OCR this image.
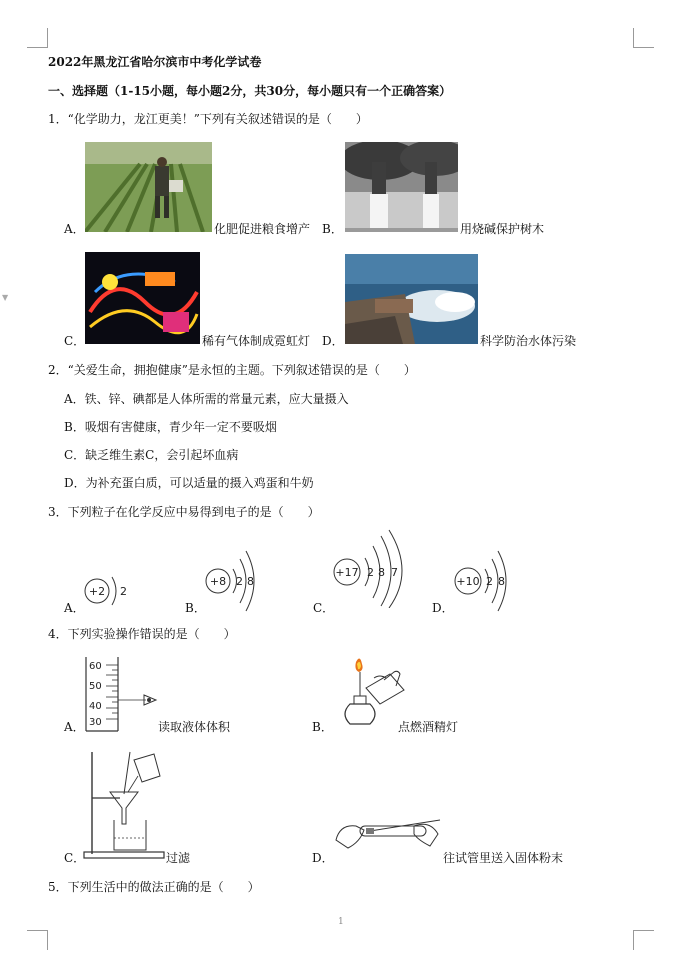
▼
2022年黑龙江省哈尔滨市中考化学试卷
一、选择题（1-15小题，每小题2分，共30分，每小题只有一个正确答案）
1．“化学助力，龙江更美！”下列有关叙述错误的是（　　）
A．	化肥促进粮食增产 B．	用烧碱保护树木
C．	稀有气体制成霓虹灯 D．	科学防治水体污染
2．“关爱生命，拥抱健康”是永恒的主题。下列叙述错误的是（　　）
A．铁、锌、碘都是人体所需的常量元素，应大量摄入
B．吸烟有害健康，青少年一定不要吸烟
C．缺乏维生素C，会引起坏血病
D．为补充蛋白质，可以适量的摄入鸡蛋和牛奶
3．下列粒子在化学反应中易得到电子的是（　　）
A．
+2 2
B．
+8 2 8
C．
+17 2 8 7
D．
+10 2 8
4．下列实验操作错误的是（　　）
A．
60
50
40
30	读取液体体积	B．	点燃酒精灯
C．	过滤	D．	往试管里送入固体粉末
5．下列生活中的做法正确的是（　　）
1
